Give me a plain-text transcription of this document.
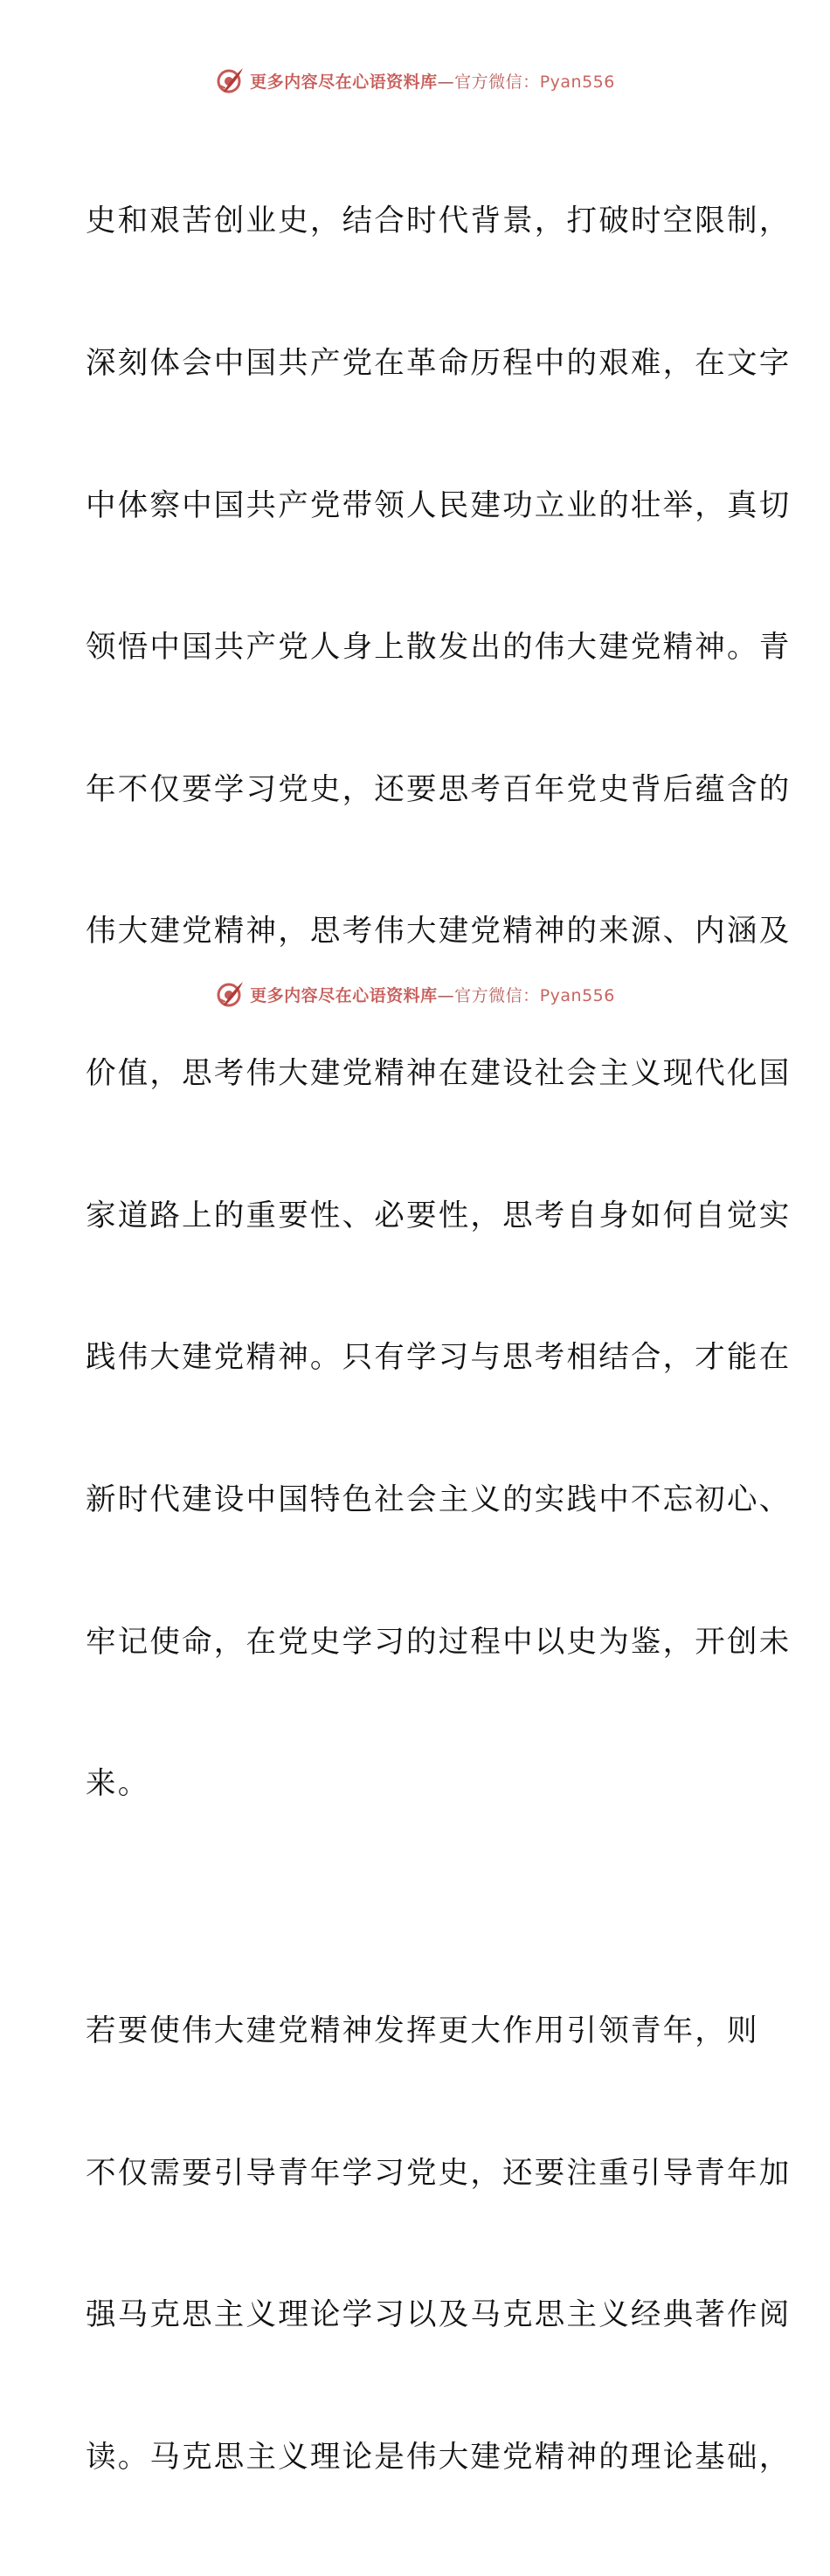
更多内容尽在心语资料库—官方微信：Pyan556

史和艰苦创业史，结合时代背景，打破时空限制，

深刻体会中国共产党在革命历程中的艰难，在文字

中体察中国共产党带领人民建功立业的壮举，真切

领悟中国共产党人身上散发出的伟大建党精神。青

年不仅要学习党史，还要思考百年党史背后蕴含的

伟大建党精神，思考伟大建党精神的来源、内涵及

价值，思考伟大建党精神在建设社会主义现代化国

家道路上的重要性、必要性，思考自身如何自觉实

践伟大建党精神。只有学习与思考相结合，才能在

新时代建设中国特色社会主义的实践中不忘初心、

牢记使命，在党史学习的过程中以史为鉴，开创未

来。

若要使伟大建党精神发挥更大作用引领青年，则

不仅需要引导青年学习党史，还要注重引导青年加

强马克思主义理论学习以及马克思主义经典著作阅

读。马克思主义理论是伟大建党精神的理论基础，

更多内容尽在心语资料库—官方微信：Pyan556
